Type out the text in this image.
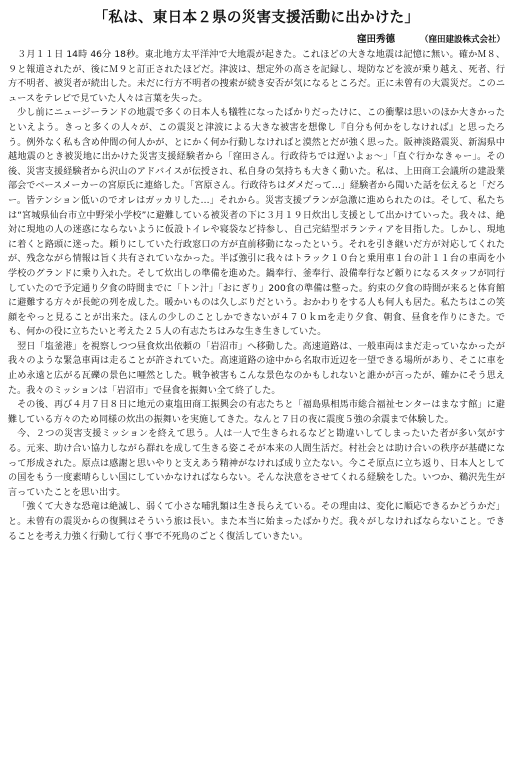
「私は、東日本２県の災害支援活動に出かけた」
窪田秀德	（窪田建設株式会社）

３月１１日 14時 46分 18秒。東北地方太平洋沖で大地震が起きた。これほどの大きな地震は記憶に無い。確かＭ８、９と報道されたが、後にＭ９と訂正されたほどだ。津波は、想定外の高さを記録し、堤防などを波が乗り越え、死者、行方不明者、被災者が続出した。未だに行方不明者の捜索が続き安否が気になるところだ。正に未曾有の大震災だ。このニュースをテレビで見ていた人々は言葉を失った。

少し前にニュージーランドの地震で多くの日本人も犠牲になったばかりだったけに、この衝撃は思いのほか大きかったといえよう。きっと多くの人々が、この震災と津波による大きな被害を想像し『自分も何かをしなければ』と思ったろう。例外なく私も含め仲間の何人かが、とにかく何か行動しなければと漠然とだが強く思った。阪神淡路震災、新潟県中越地震のとき被災地に出かけた災害支援経験者から「窪田さん。行政待ちでは遅いよぉ～」「直ぐ行かなきゃー」。その後、災害支援経験者から沢山のアドバイスが伝授され、私自身の気持ちも大きく動いた。私は、上田商工会議所の建設業部会でベースメーカーの宮原氏に連絡した。「宮原さん。行政待ちはダメだって…」経験者から聞いた話を伝えると「だろー。皆テンション低いのでオレはガッカリした…」それから。災害支援プランが急激に進められたのは。そして、私たちは“宮城県仙台市立中野栄小学校”に避難している被災者の下に３月１９日炊出し支援として出かけていった。我々は、絶対に現地の人の迷惑にならないように仮設トイレや寝袋など持参し、自己完結型ボランティアを目指した。しかし、現地に着くと路頭に迷った。頼りにしていた行政窓口の方が直前移動になったという。それを引き継いだ方が対応してくれたが、残念ながら情報は旨く共有されていなかった。半ば強引に我々はトラック１０台と乗用車１台の計１１台の車両を小学校のグランドに乗り入れた。そして炊出しの準備を進めた。鍋奉行、釜奉行、設備奉行など頼りになるスタッフが同行していたので予定通り夕食の時間までに「トン汁」「おにぎり」200食の準備は整った。約束の夕食の時間が来ると体育館に避難する方々が長蛇の列を成した。暖かいものは久しぶりだという。おかわりをする人も何人も居た。私たちはこの笑顔をやっと見ることが出来た。ほんの少しのことしかできないが４７０ｋｍを走り夕食、朝食、昼食を作りにきた。でも、何かの役に立ちたいと考えた２５人の有志たちはみな生き生きしていた。

翌日「塩釜港」を視察しつつ昼食炊出依頼の「岩沼市」へ移動した。高速道路は、一般車両はまだ走っていなかったが我々のような緊急車両は走ることが許されていた。高速道路の途中から名取市近辺を一望できる場所があり、そこに車を止め永遠と広がる瓦礫の景色に唖然とした。戦争被害もこんな景色なのかもしれないと誰かが言ったが、確かにそう思えた。我々のミッションは「岩沼市」で昼食を振舞い全て終了した。

その後、再び４月７日８日に地元の東塩田商工振興会の有志たちと「福島県相馬市総合福祉センターはまなす館」に避難している方々のため同様の炊出の振舞いを実施してきた。なんと７日の夜に震度５強の余震まで体験した。

今、２つの災害支援ミッションを終えて思う。人は一人で生きられるなどと勘違いしてしまったいた者が多い気がする。元来、助け合い協力しながら群れを成して生きる姿こそが本来の人間生活だ。村社会とは助け合いの秩序が基礎になって形成された。原点は感謝と思いやりと支えあう精神がなければ成り立たない。今こそ原点に立ち返り、日本人としての国をもう一度素晴らしい国にしていかなければならない。そんな決意をさせてくれる経験をした。いつか、鵜沢先生が言っていたことを思い出す。

「強くて大きな恐竜は絶滅し、弱くて小さな哺乳類は生き長らえている。その理由は、変化に順応できるかどうかだ」と。未曾有の震災からの復興はそういう旅は長い。また本当に始まったばかりだ。我々がしなければならないこと。できることを考え力強く行動して行く事で不死鳥のごとく復活していきたい。
